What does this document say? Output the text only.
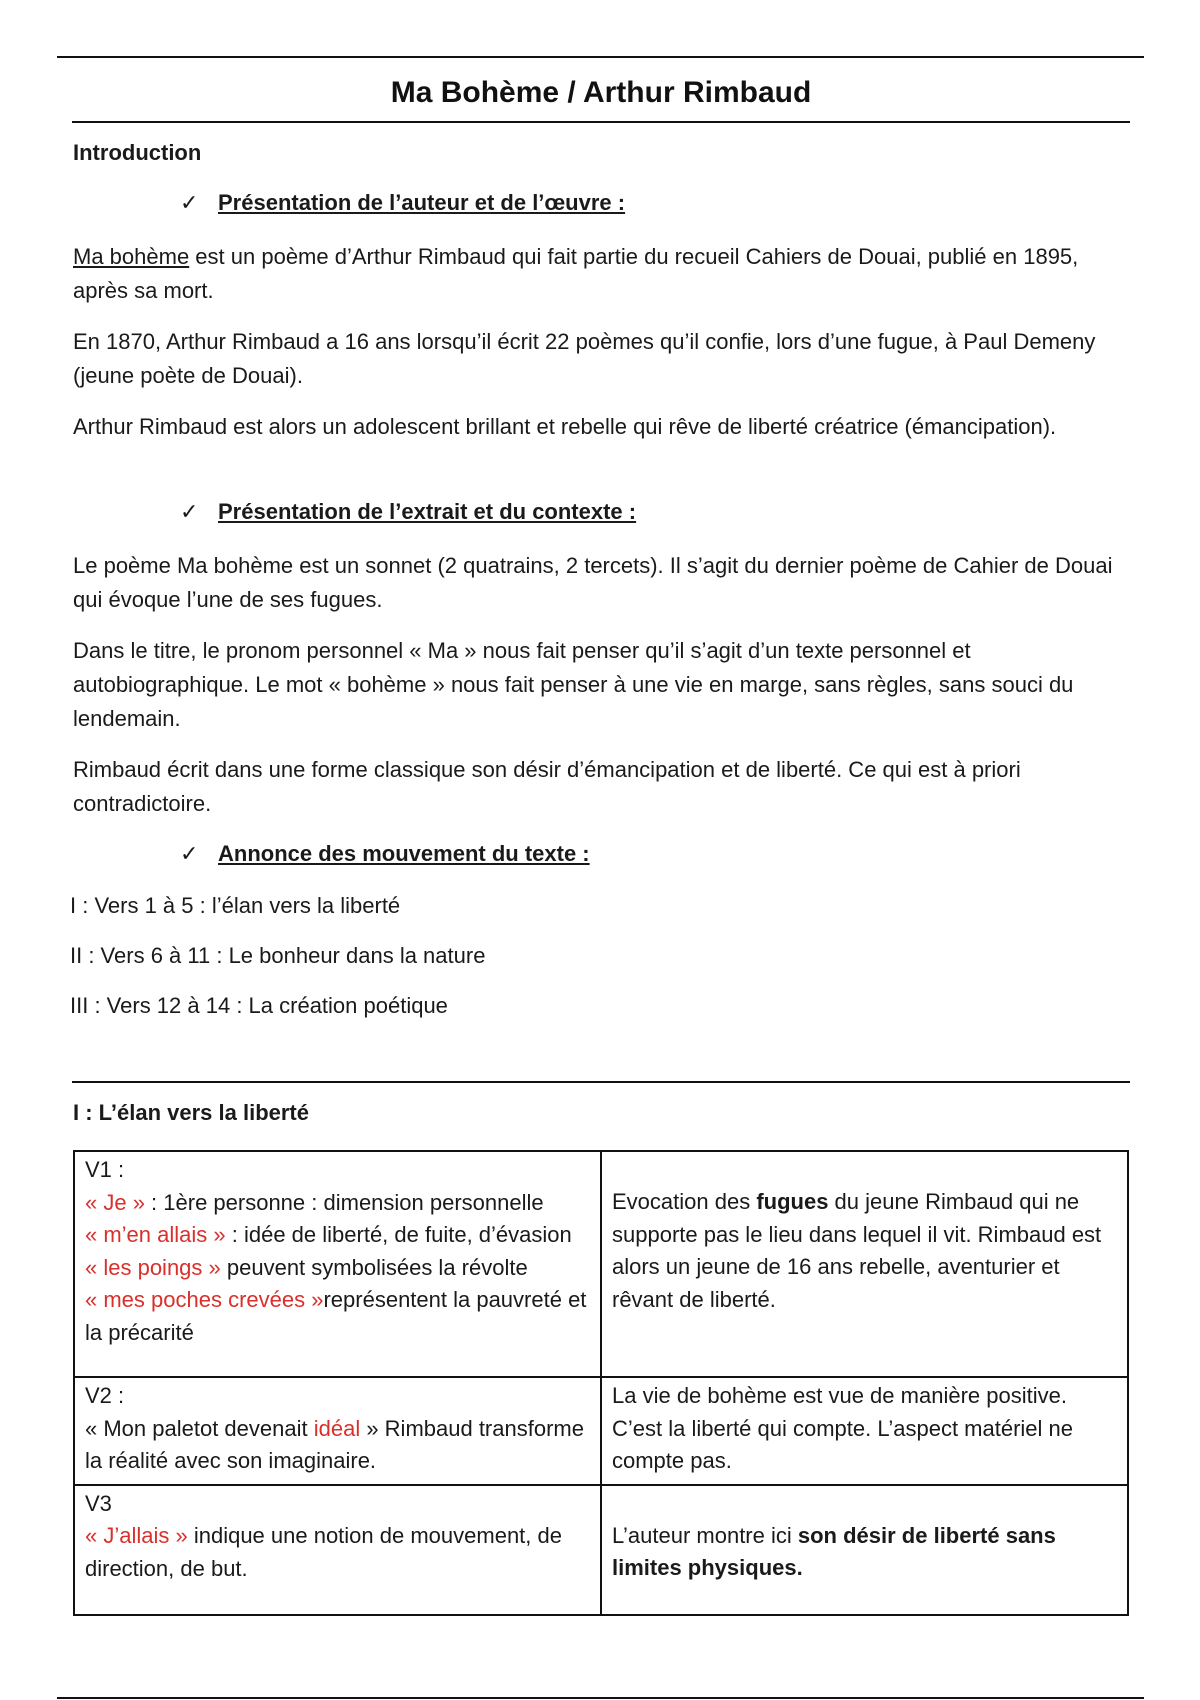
Ma Bohème / Arthur Rimbaud

Introduction

✓ Présentation de l’auteur et de l’œuvre :

Ma bohème est un poème d’Arthur Rimbaud qui fait partie du recueil Cahiers de Douai, publié en 1895, après sa mort.

En 1870, Arthur Rimbaud a 16 ans lorsqu’il écrit 22 poèmes qu’il confie, lors d’une fugue, à Paul Demeny (jeune poète de Douai).

Arthur Rimbaud est alors un adolescent brillant et rebelle qui rêve de liberté créatrice (émancipation).

✓ Présentation de l’extrait et du contexte :

Le poème Ma bohème est un sonnet (2 quatrains, 2 tercets). Il s’agit du dernier poème de Cahier de Douai qui évoque l’une de ses fugues.

Dans le titre, le pronom personnel « Ma » nous fait penser qu’il s’agit d’un texte personnel et autobiographique. Le mot « bohème » nous fait penser à une vie en marge, sans règles, sans souci du lendemain.

Rimbaud écrit dans une forme classique son désir d’émancipation et de liberté. Ce qui est à priori contradictoire.

✓ Annonce des mouvement du texte :

I : Vers 1 à 5 : l’élan vers la liberté

II : Vers 6 à 11 : Le bonheur dans la nature

III : Vers 12 à 14 : La création poétique

I : L’élan vers la liberté

V1 :
« Je » : 1ère personne : dimension personnelle
« m’en allais » : idée de liberté, de fuite, d’évasion
« les poings » peuvent symbolisées la révolte
« mes poches crevées »représentent la pauvreté et la précarité	Evocation des fugues du jeune Rimbaud qui ne supporte pas le lieu dans lequel il vit. Rimbaud est alors un jeune de 16 ans rebelle, aventurier et rêvant de liberté.

V2 :
« Mon paletot devenait idéal » Rimbaud transforme la réalité avec son imaginaire.	La vie de bohème est vue de manière positive. C’est la liberté qui compte. L’aspect matériel ne compte pas.

V3
« J’allais » indique une notion de mouvement, de direction, de but.	L’auteur montre ici son désir de liberté sans limites physiques.
